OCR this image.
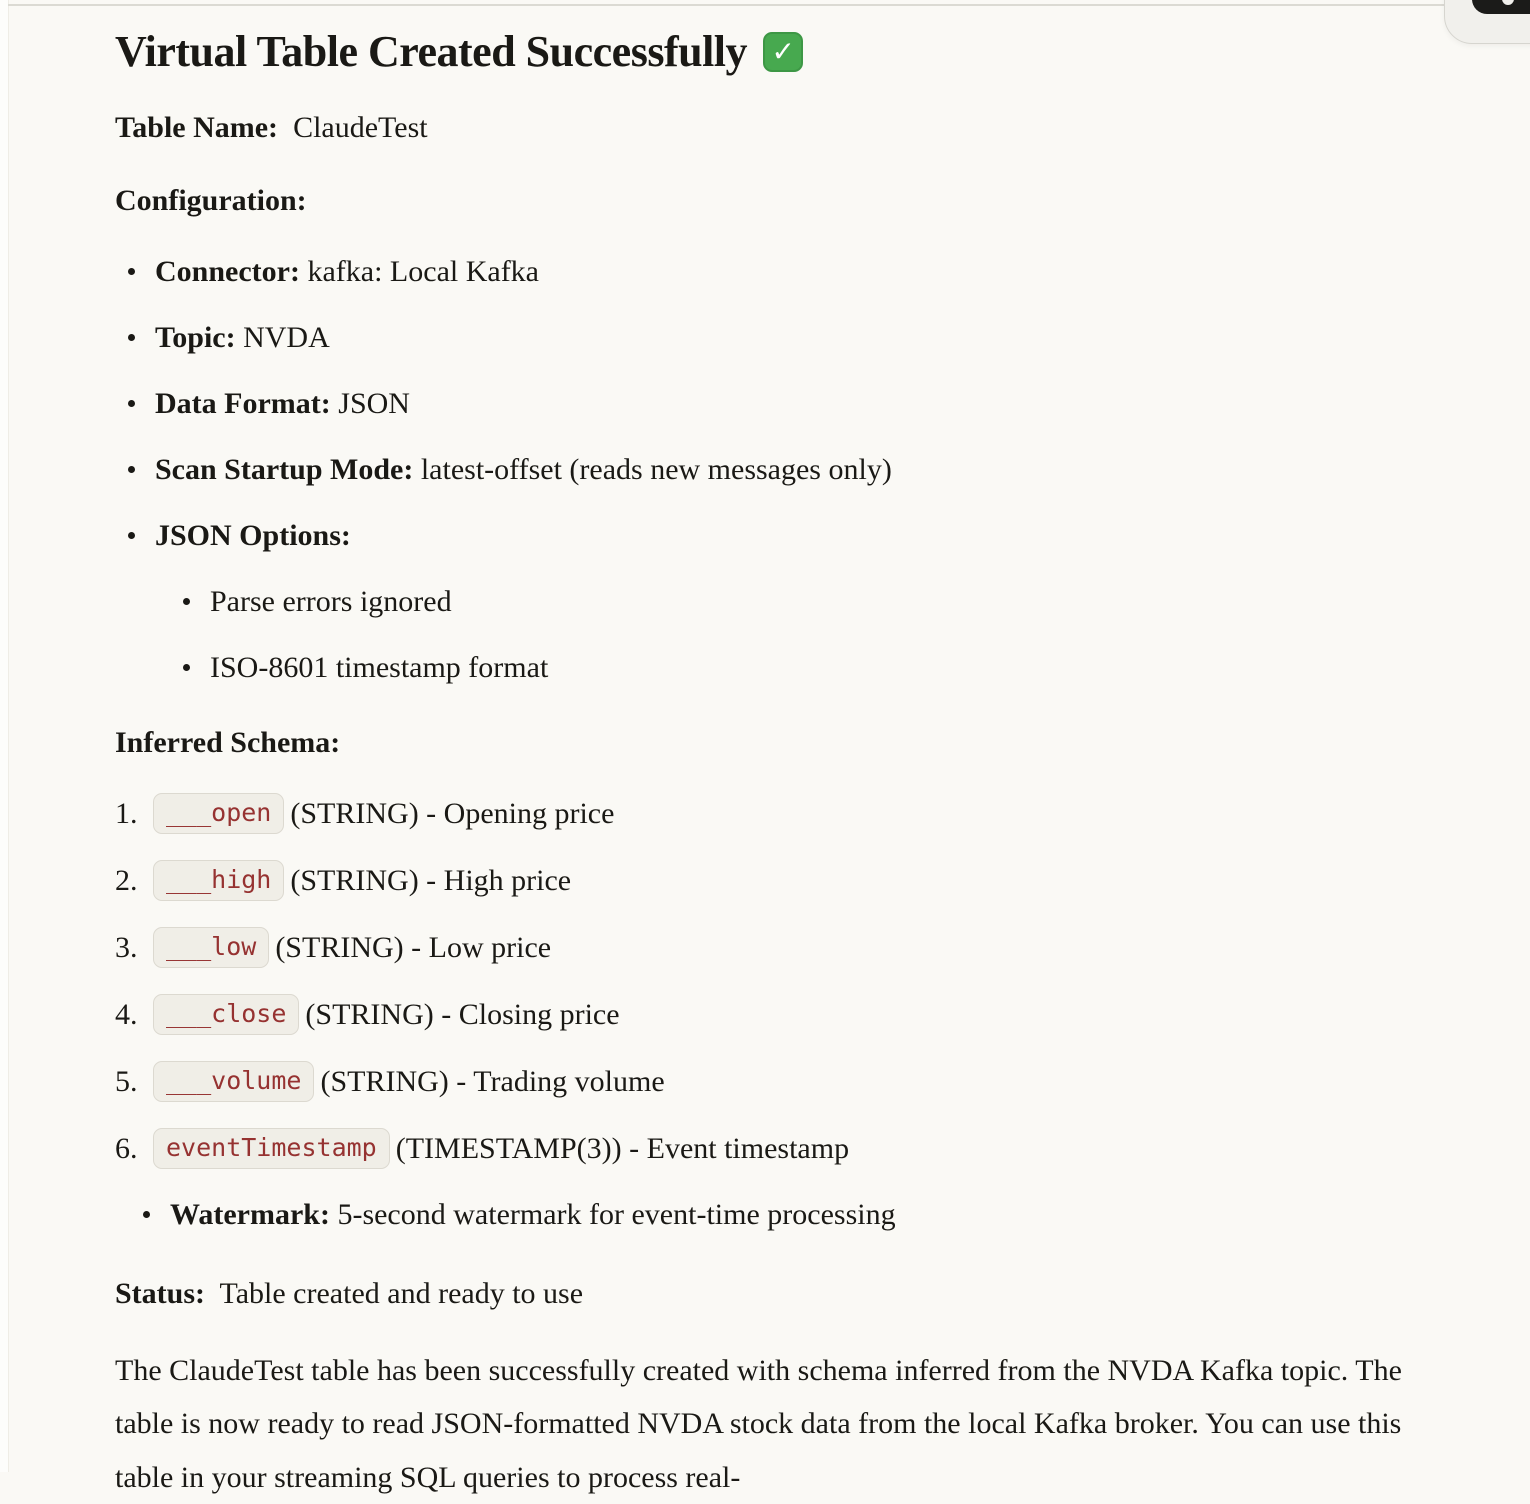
Virtual Table Created Successfully ✓

Table Name: ClaudeTest

Configuration:

Connector: kafka: Local Kafka
Topic: NVDA
Data Format: JSON
Scan Startup Mode: latest-offset (reads new messages only)
JSON Options:
Parse errors ignored
ISO-8601 timestamp format

Inferred Schema:

1. ___open (STRING) - Opening price
2. ___high (STRING) - High price
3. ___low (STRING) - Low price
4. ___close (STRING) - Closing price
5. ___volume (STRING) - Trading volume
6. eventTimestamp (TIMESTAMP(3)) - Event timestamp
Watermark: 5-second watermark for event-time processing

Status: Table created and ready to use

The ClaudeTest table has been successfully created with schema inferred from the NVDA Kafka topic. The table is now ready to read JSON-formatted NVDA stock data from the local Kafka broker. You can use this table in your streaming SQL queries to process real-
